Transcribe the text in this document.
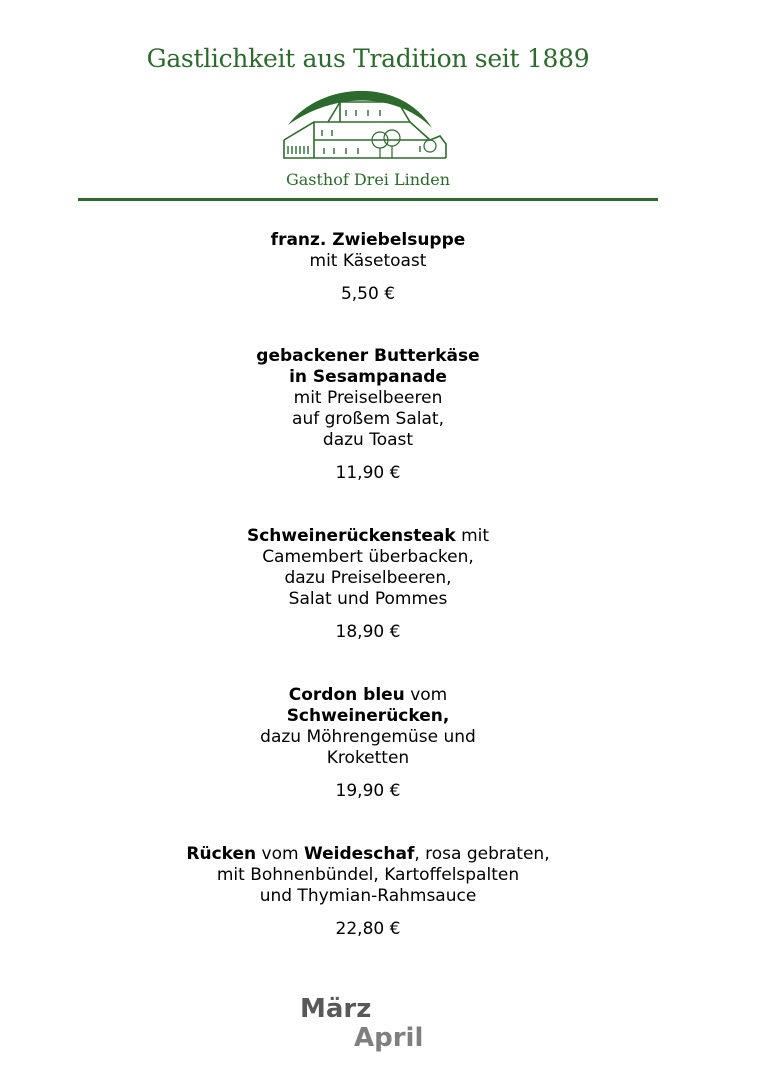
Gastlichkeit aus Tradition seit 1889
Gasthof Drei Linden
franz. Zwiebelsuppe
mit Käsetoast
5,50 €
gebackener Butterkäse
in Sesampanade
mit Preiselbeeren
auf großem Salat,
dazu Toast
11,90 €
Schweinerückensteak mit
Camembert überbacken,
dazu Preiselbeeren,
Salat und Pommes
18,90 €
Cordon bleu vom
Schweinerücken,
dazu Möhrengemüse und
Kroketten
19,90 €
Rücken vom Weideschaf, rosa gebraten,
mit Bohnenbündel, Kartoffelspalten
und Thymian-Rahmsauce
22,80 €
März
April
